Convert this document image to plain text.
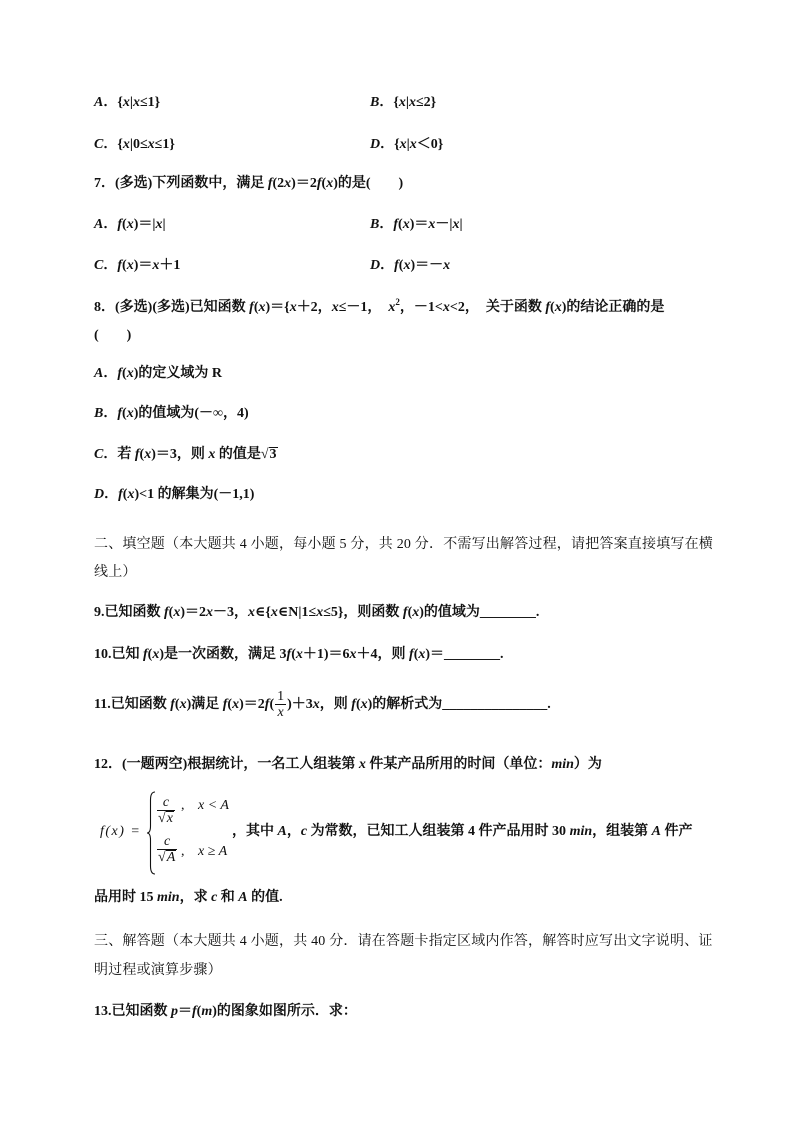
A．{x|x≤1}	B．{x|x≤2}
C．{x|0≤x≤1}	D．{x|x＜0}
7．(多选)下列函数中，满足 f(2x)＝2f(x)的是(　　)
A．f(x)＝|x|	B．f(x)＝x－|x|
C．f(x)＝x＋1	D．f(x)＝－x
8．(多选)(多选)已知函数 f(x)＝{x＋2，x≤－1，　$x^2$，－1<x<2，　关于函数 f(x)的结论正确的是
(　　)
A．f(x)的定义域为 R
B．f(x)的值域为(－∞，4)
C．若 f(x)＝3，则 x 的值是√3
D．f(x)<1 的解集为(－1,1)
二、填空题（本大题共 4 小题，每小题 5 分，共 20 分．不需写出解答过程，请把答案直接填写在横
线上）
9.已知函数 f(x)＝2x－3，x∈{x∈N|1≤x≤5}，则函数 f(x)的值域为________.
10.已知 f(x)是一次函数，满足 3f(x＋1)＝6x＋4，则 f(x)＝________.
11.已知函数 f(x)满足 $f(x)=2f( \frac{1}{x} )+3x$，则 f(x)的解析式为_______________.
12．(一题两空)根据统计，一名工人组装第 x 件某产品所用的时间（单位：min）为
f(x) =
c
√x
, x < A
c
√A , x ≥ A
，其中 A，c 为常数，已知工人组装第 4 件产品用时 30 min，组装第 A 件产
品用时 15 min，求 c 和 A 的值.
三、解答题（本大题共 4 小题，共 40 分．请在答题卡指定区域内作答，解答时应写出文字说明、证
明过程或演算步骤）
13.已知函数 p＝f(m)的图象如图所示．求：
